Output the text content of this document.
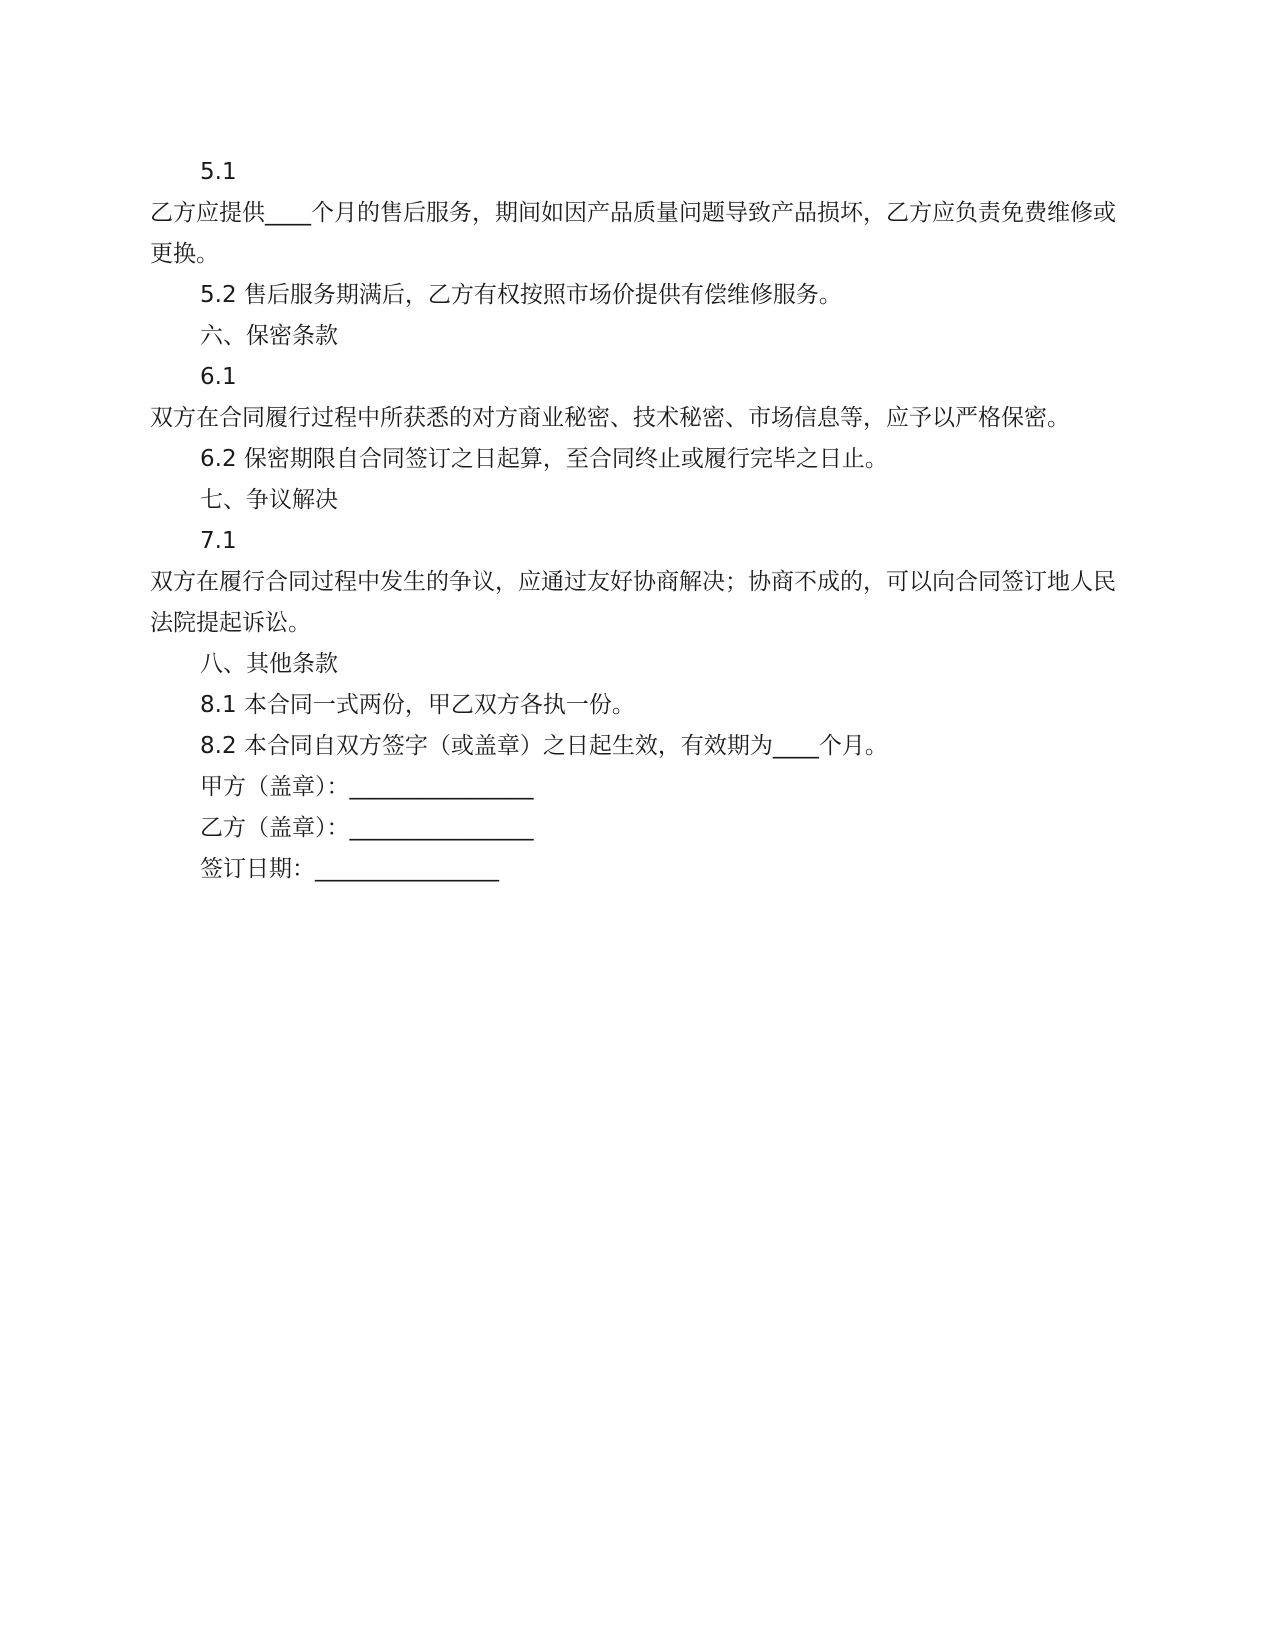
5.1

乙方应提供____个月的售后服务，期间如因产品质量问题导致产品损坏，乙方应负责免费维修或更换。

5.2 售后服务期满后，乙方有权按照市场价提供有偿维修服务。

六、保密条款

6.1

双方在合同履行过程中所获悉的对方商业秘密、技术秘密、市场信息等，应予以严格保密。

6.2 保密期限自合同签订之日起算，至合同终止或履行完毕之日止。

七、争议解决

7.1

双方在履行合同过程中发生的争议，应通过友好协商解决；协商不成的，可以向合同签订地人民法院提起诉讼。

八、其他条款

8.1 本合同一式两份，甲乙双方各执一份。

8.2 本合同自双方签字（或盖章）之日起生效，有效期为____个月。

甲方（盖章）：________________

乙方（盖章）：________________

签订日期：________________
